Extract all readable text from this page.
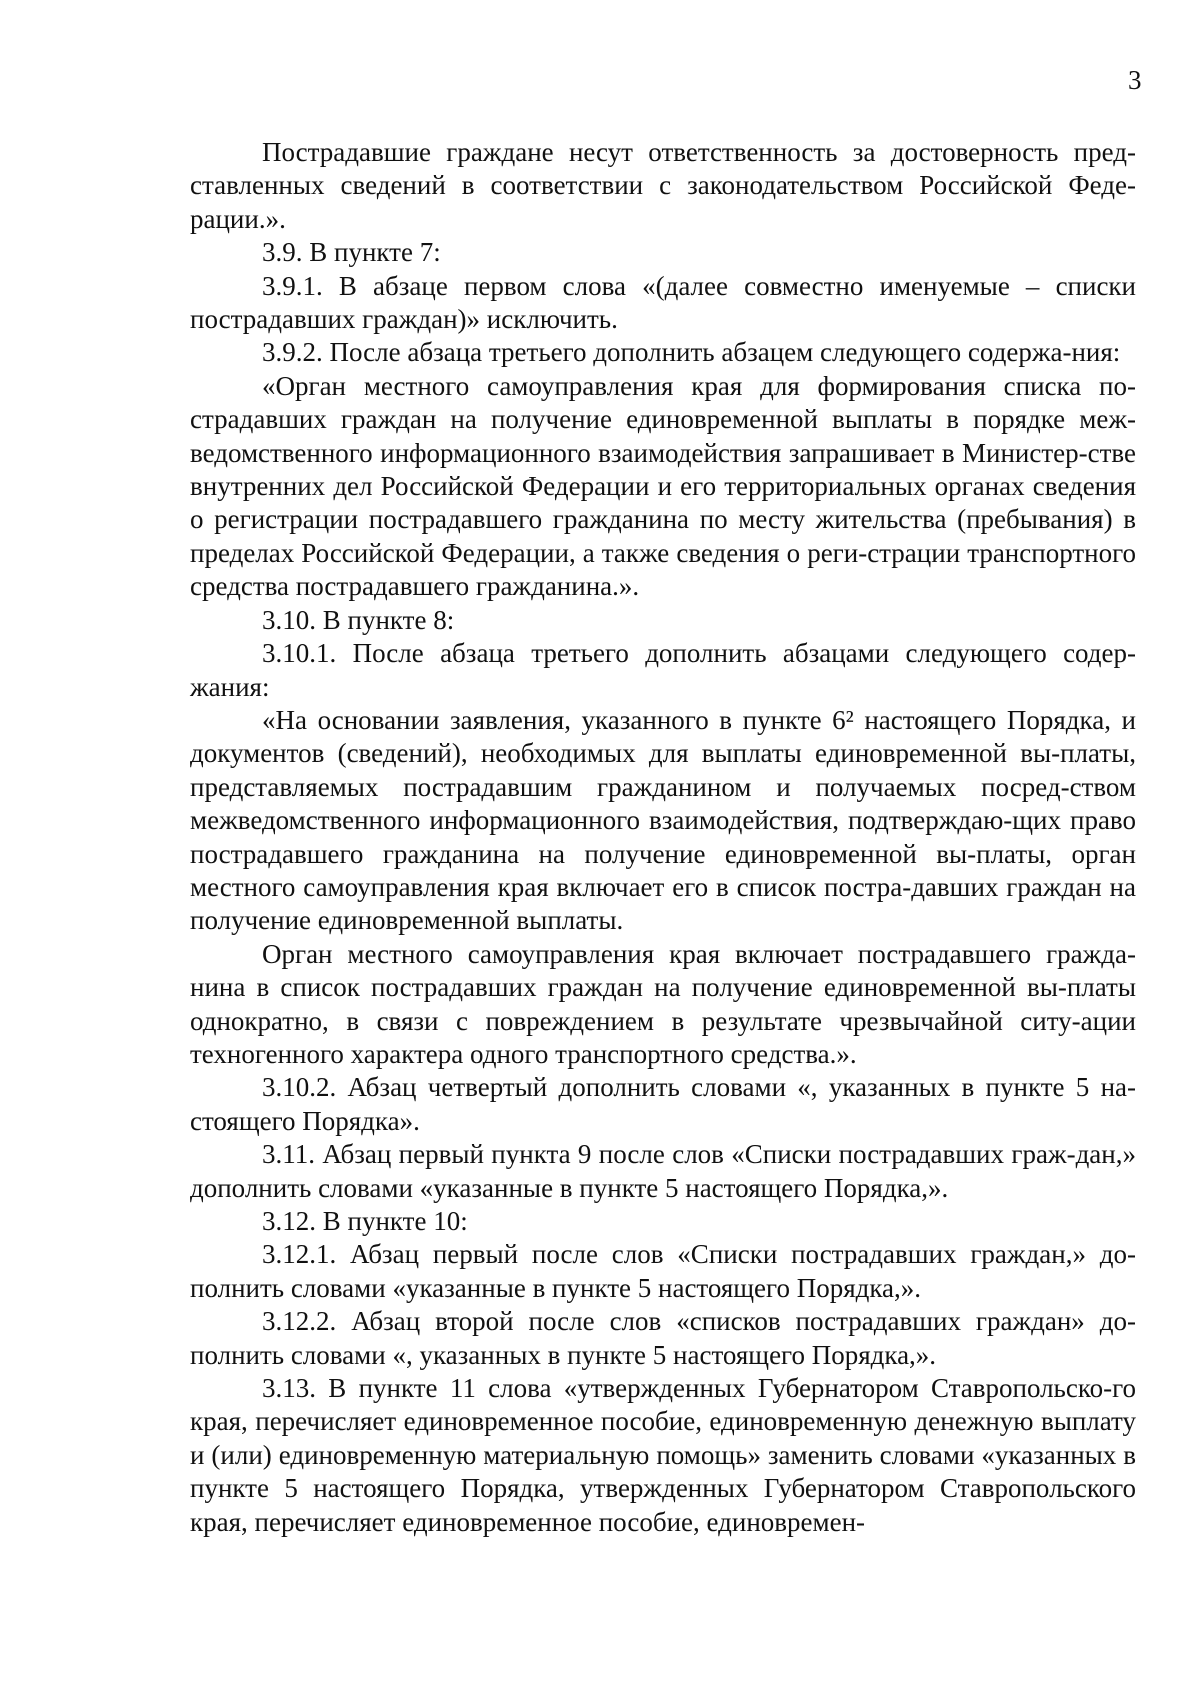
3

Пострадавшие граждане несут ответственность за достоверность пред-ставленных сведений в соответствии с законодательством Российской Феде-рации.».

3.9. В пункте 7:

3.9.1. В абзаце первом слова «(далее совместно именуемые – списки пострадавших граждан)» исключить.

3.9.2. После абзаца третьего дополнить абзацем следующего содержа-ния:

«Орган местного самоуправления края для формирования списка по-страдавших граждан на получение единовременной выплаты в порядке меж-ведомственного информационного взаимодействия запрашивает в Министер-стве внутренних дел Российской Федерации и его территориальных органах сведения о регистрации пострадавшего гражданина по месту жительства (пребывания) в пределах Российской Федерации, а также сведения о реги-страции транспортного средства пострадавшего гражданина.».

3.10. В пункте 8:

3.10.1. После абзаца третьего дополнить абзацами следующего содер-жания:

«На основании заявления, указанного в пункте 6² настоящего Порядка, и документов (сведений), необходимых для выплаты единовременной вы-платы, представляемых пострадавшим гражданином и получаемых посред-ством межведомственного информационного взаимодействия, подтверждаю-щих право пострадавшего гражданина на получение единовременной вы-платы, орган местного самоуправления края включает его в список постра-давших граждан на получение единовременной выплаты.

Орган местного самоуправления края включает пострадавшего гражда-нина в список пострадавших граждан на получение единовременной вы-платы однократно, в связи с повреждением в результате чрезвычайной ситу-ации техногенного характера одного транспортного средства.».

3.10.2. Абзац четвертый дополнить словами «, указанных в пункте 5 на-стоящего Порядка».

3.11. Абзац первый пункта 9 после слов «Списки пострадавших граж-дан,» дополнить словами «указанные в пункте 5 настоящего Порядка,».

3.12. В пункте 10:

3.12.1. Абзац первый после слов «Списки пострадавших граждан,» до-полнить словами «указанные в пункте 5 настоящего Порядка,».

3.12.2. Абзац второй после слов «списков пострадавших граждан» до-полнить словами «, указанных в пункте 5 настоящего Порядка,».

3.13. В пункте 11 слова «утвержденных Губернатором Ставропольско-го края, перечисляет единовременное пособие, единовременную денежную выплату и (или) единовременную материальную помощь» заменить словами «указанных в пункте 5 настоящего Порядка, утвержденных Губернатором Ставропольского края, перечисляет единовременное пособие, единовремен-
